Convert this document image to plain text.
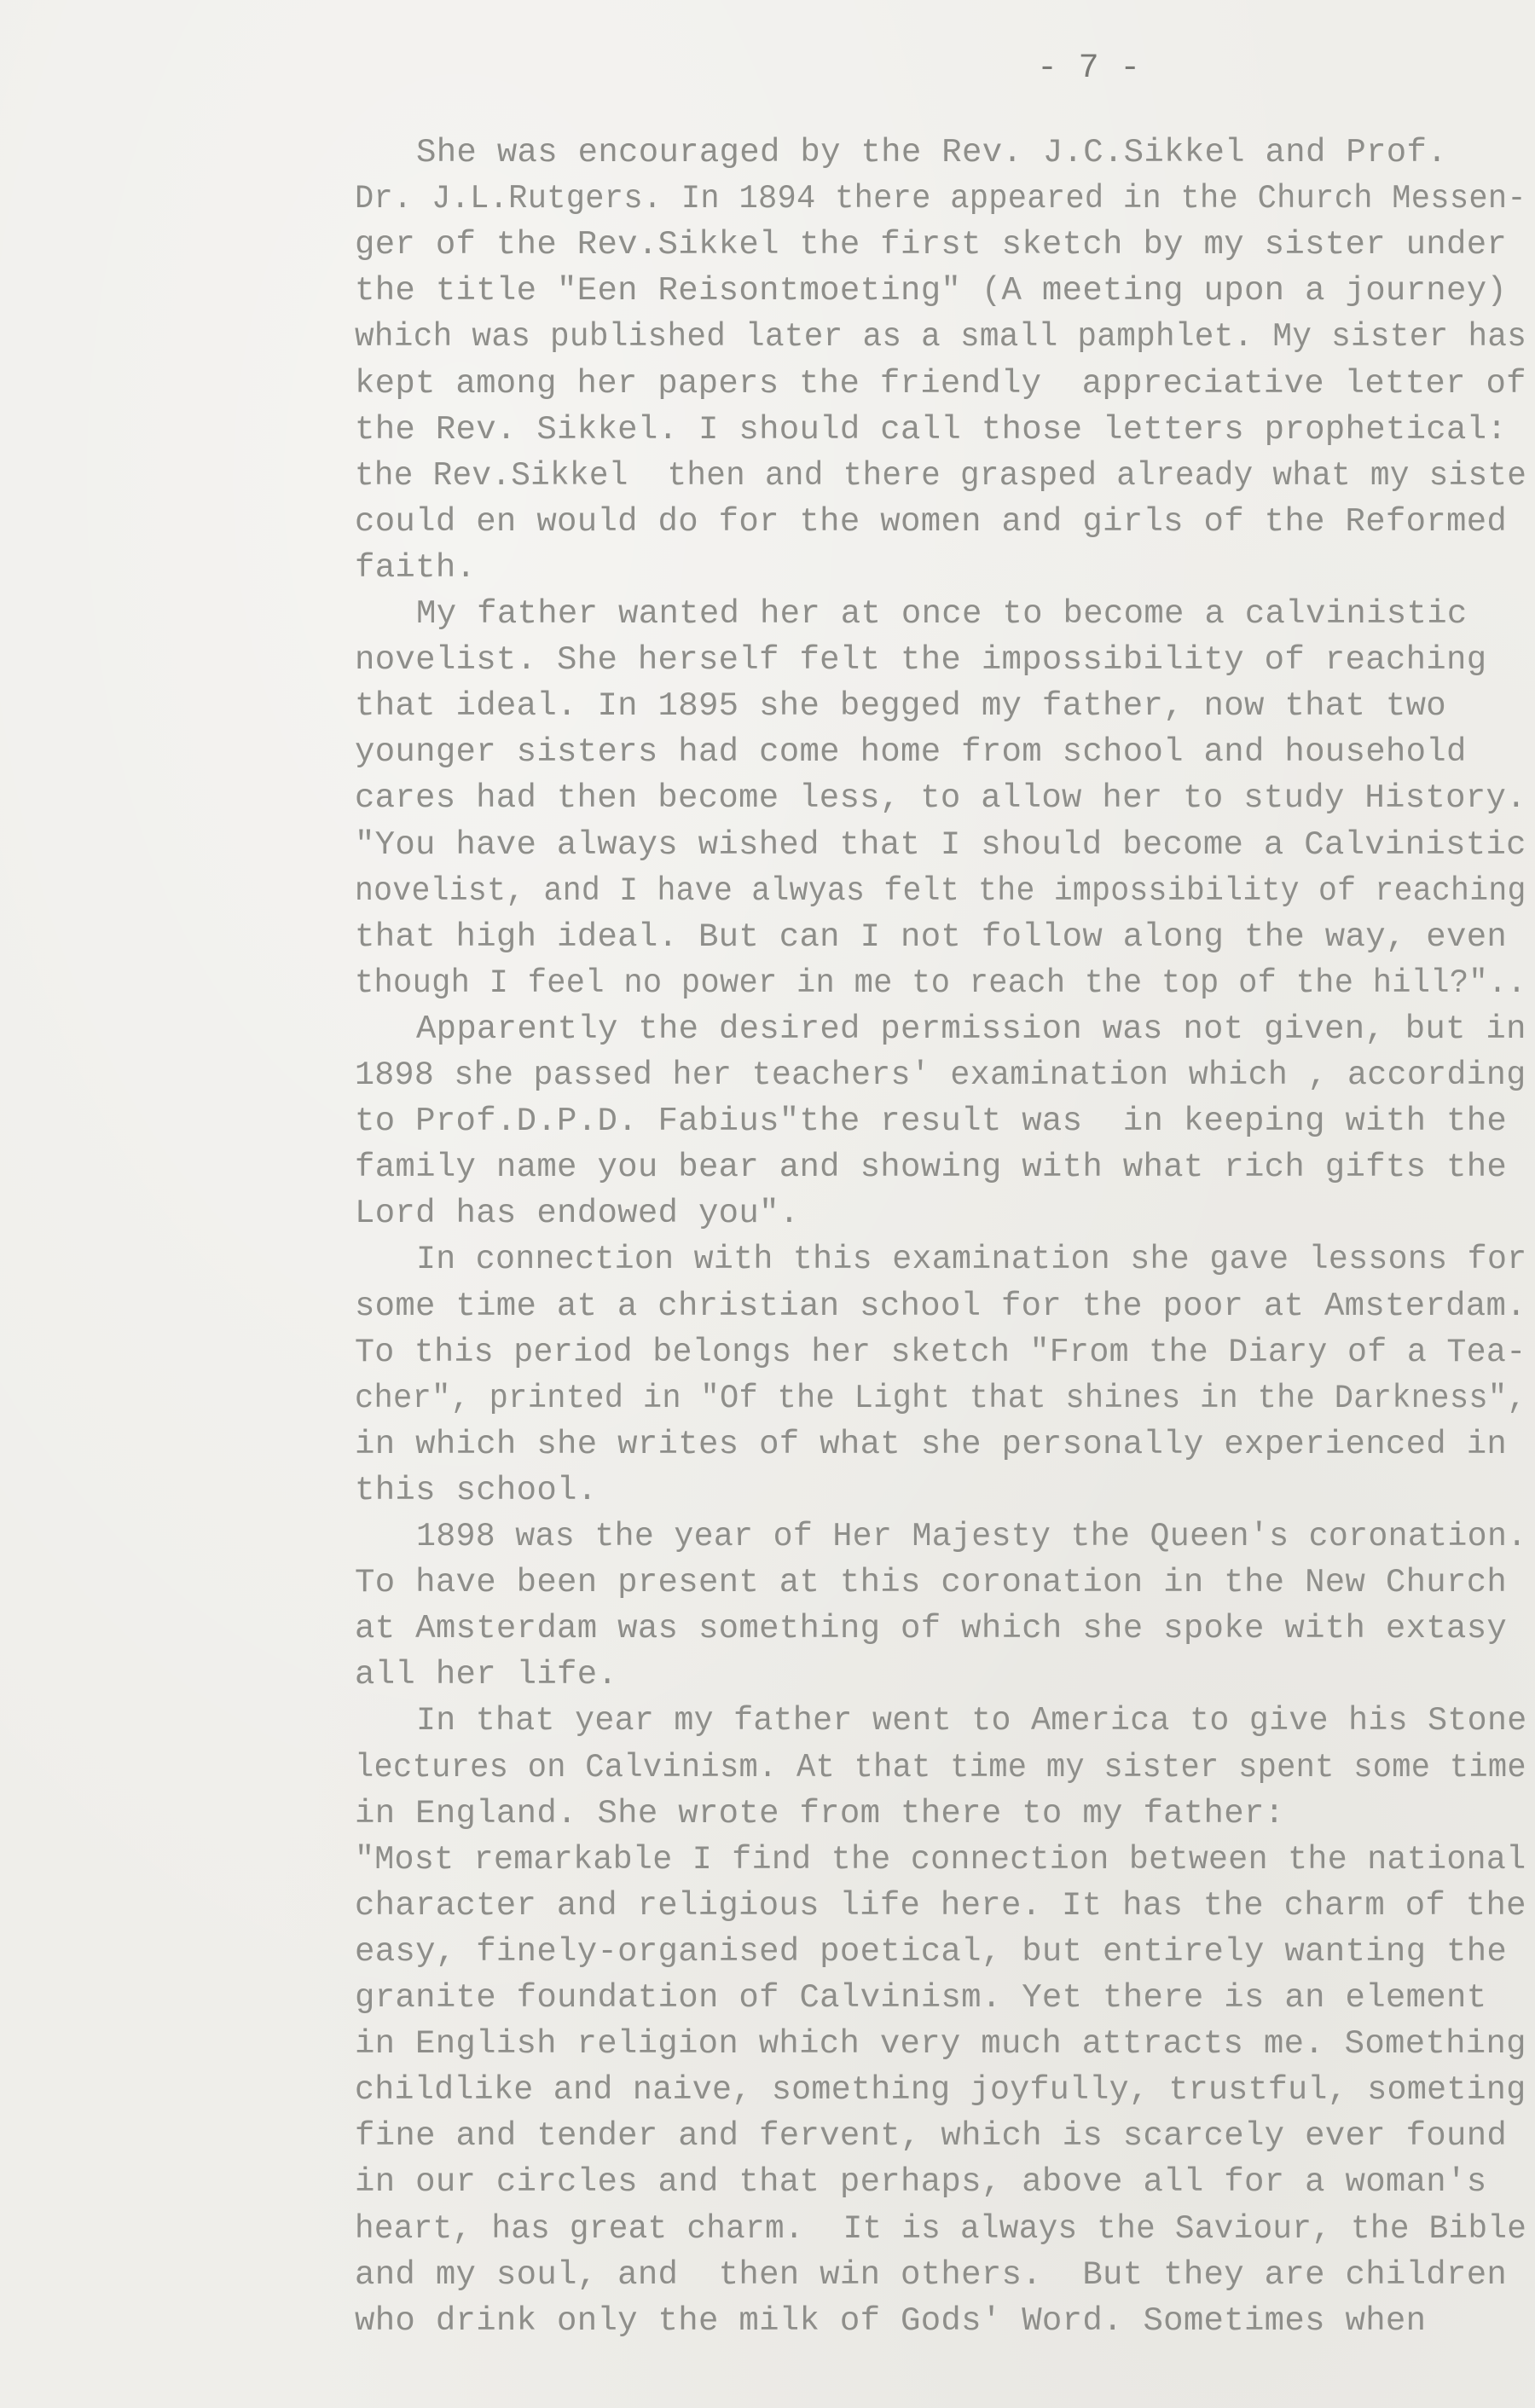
- 7 -
She was encouraged by the Rev. J.C.Sikkel and Prof.
Dr. J.L.Rutgers. In 1894 there appeared in the Church Messen-
ger of the Rev.Sikkel the first sketch by my sister under
the title "Een Reisontmoeting" (A meeting upon a journey)
which was published later as a small pamphlet. My sister has
kept among her papers the friendly  appreciative letter of
the Rev. Sikkel. I should call those letters prophetical:
the Rev.Sikkel  then and there grasped already what my siste
could en would do for the women and girls of the Reformed
faith.
My father wanted her at once to become a calvinistic
novelist. She herself felt the impossibility of reaching
that ideal. In 1895 she begged my father, now that two
younger sisters had come home from school and household
cares had then become less, to allow her to study History.
"You have always wished that I should become a Calvinistic
novelist, and I have alwyas felt the impossibility of reaching
that high ideal. But can I not follow along the way, even
though I feel no power in me to reach the top of the hill?"..
Apparently the desired permission was not given, but in
1898 she passed her teachers' examination which , according
to Prof.D.P.D. Fabius"the result was  in keeping with the
family name you bear and showing with what rich gifts the
Lord has endowed you".
In connection with this examination she gave lessons for
some time at a christian school for the poor at Amsterdam.
To this period belongs her sketch "From the Diary of a Tea-
cher", printed in "Of the Light that shines in the Darkness",
in which she writes of what she personally experienced in
this school.
1898 was the year of Her Majesty the Queen's coronation.
To have been present at this coronation in the New Church
at Amsterdam was something of which she spoke with extasy
all her life.
In that year my father went to America to give his Stone
lectures on Calvinism. At that time my sister spent some time
in England. She wrote from there to my father:
"Most remarkable I find the connection between the national
character and religious life here. It has the charm of the
easy, finely-organised poetical, but entirely wanting the
granite foundation of Calvinism. Yet there is an element
in English religion which very much attracts me. Something
childlike and naive, something joyfully, trustful, someting
fine and tender and fervent, which is scarcely ever found
in our circles and that perhaps, above all for a woman's
heart, has great charm.  It is always the Saviour, the Bible
and my soul, and  then win others.  But they are children
who drink only the milk of Gods' Word. Sometimes when
